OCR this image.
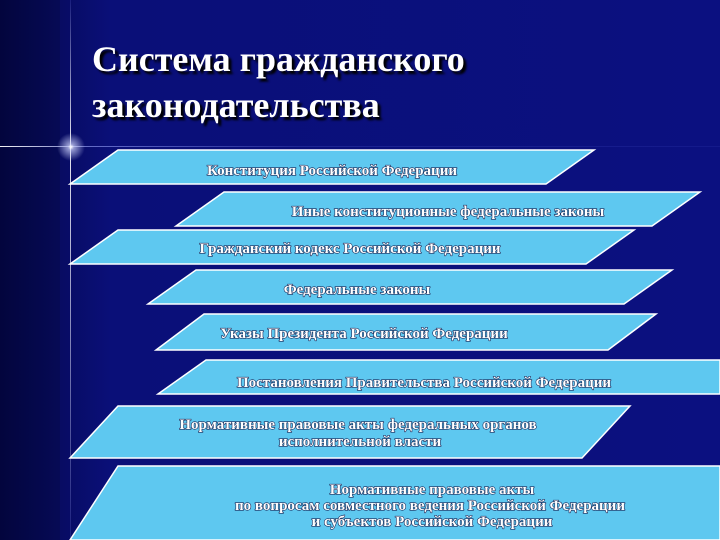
Система гражданского
законодательства
Конституция Российской Федерации
Иные конституционные федеральные законы
Гражданский кодекс Российской Федерации
Федеральные законы
Указы Президента Российской Федерации
Постановления Правительства Российской Федерации
Нормативные правовые акты федеральных органов
исполнительной власти
Нормативные правовые акты
по вопросам совместного ведения Российской Федерации
и субъектов Российской Федерации
